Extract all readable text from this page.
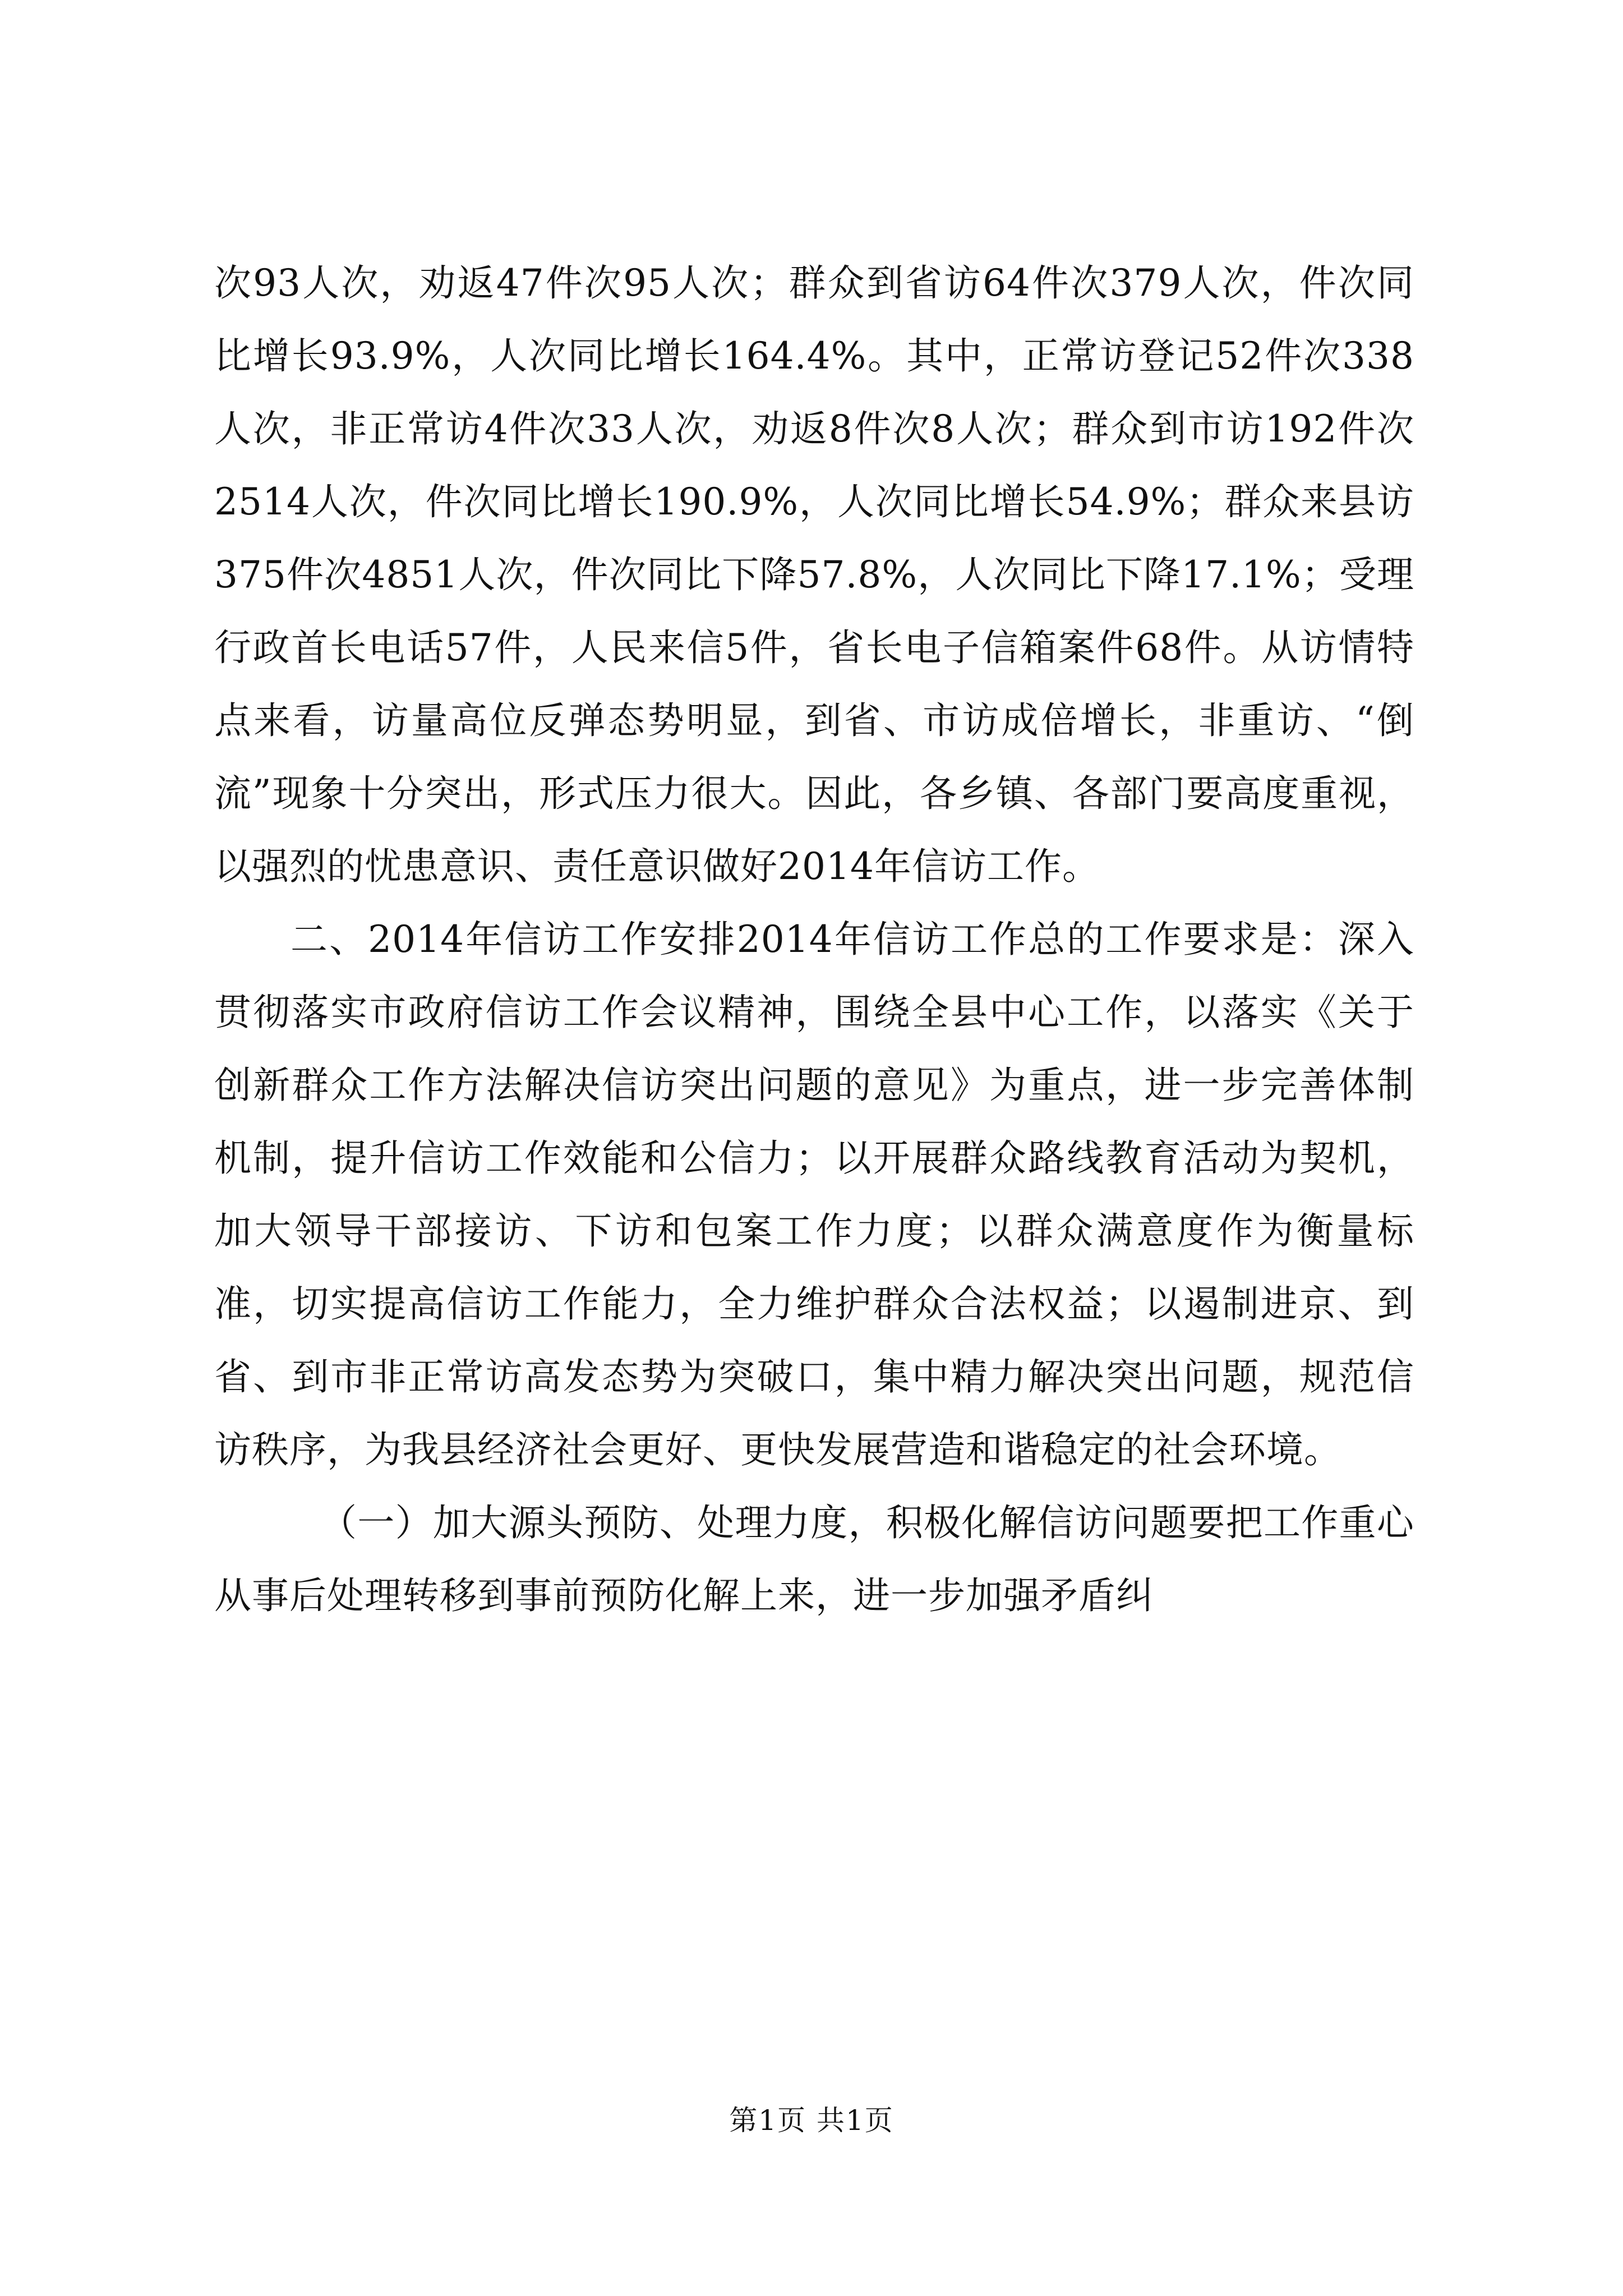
次93人次，劝返47件次95人次；群众到省访64件次379人次，件次同比增长93.9%，人次同比增长164.4%。其中，正常访登记52件次338人次，非正常访4件次33人次，劝返8件次8人次；群众到市访192件次2514人次，件次同比增长190.9%，人次同比增长54.9%；群众来县访375件次4851人次，件次同比下降57.8%，人次同比下降17.1%；受理行政首长电话57件，人民来信5件，省长电子信箱案件68件。从访情特点来看，访量高位反弹态势明显，到省、市访成倍增长，非重访、“倒流”现象十分突出，形式压力很大。因此，各乡镇、各部门要高度重视，以强烈的忧患意识、责任意识做好2014年信访工作。

二、2014年信访工作安排2014年信访工作总的工作要求是：深入贯彻落实市政府信访工作会议精神，围绕全县中心工作，以落实《关于创新群众工作方法解决信访突出问题的意见》为重点，进一步完善体制机制，提升信访工作效能和公信力；以开展群众路线教育活动为契机，加大领导干部接访、下访和包案工作力度；以群众满意度作为衡量标准，切实提高信访工作能力，全力维护群众合法权益；以遏制进京、到省、到市非正常访高发态势为突破口，集中精力解决突出问题，规范信访秩序，为我县经济社会更好、更快发展营造和谐稳定的社会环境。

（一）加大源头预防、处理力度，积极化解信访问题要把工作重心从事后处理转移到事前预防化解上来，进一步加强矛盾纠

第1页 共1页
